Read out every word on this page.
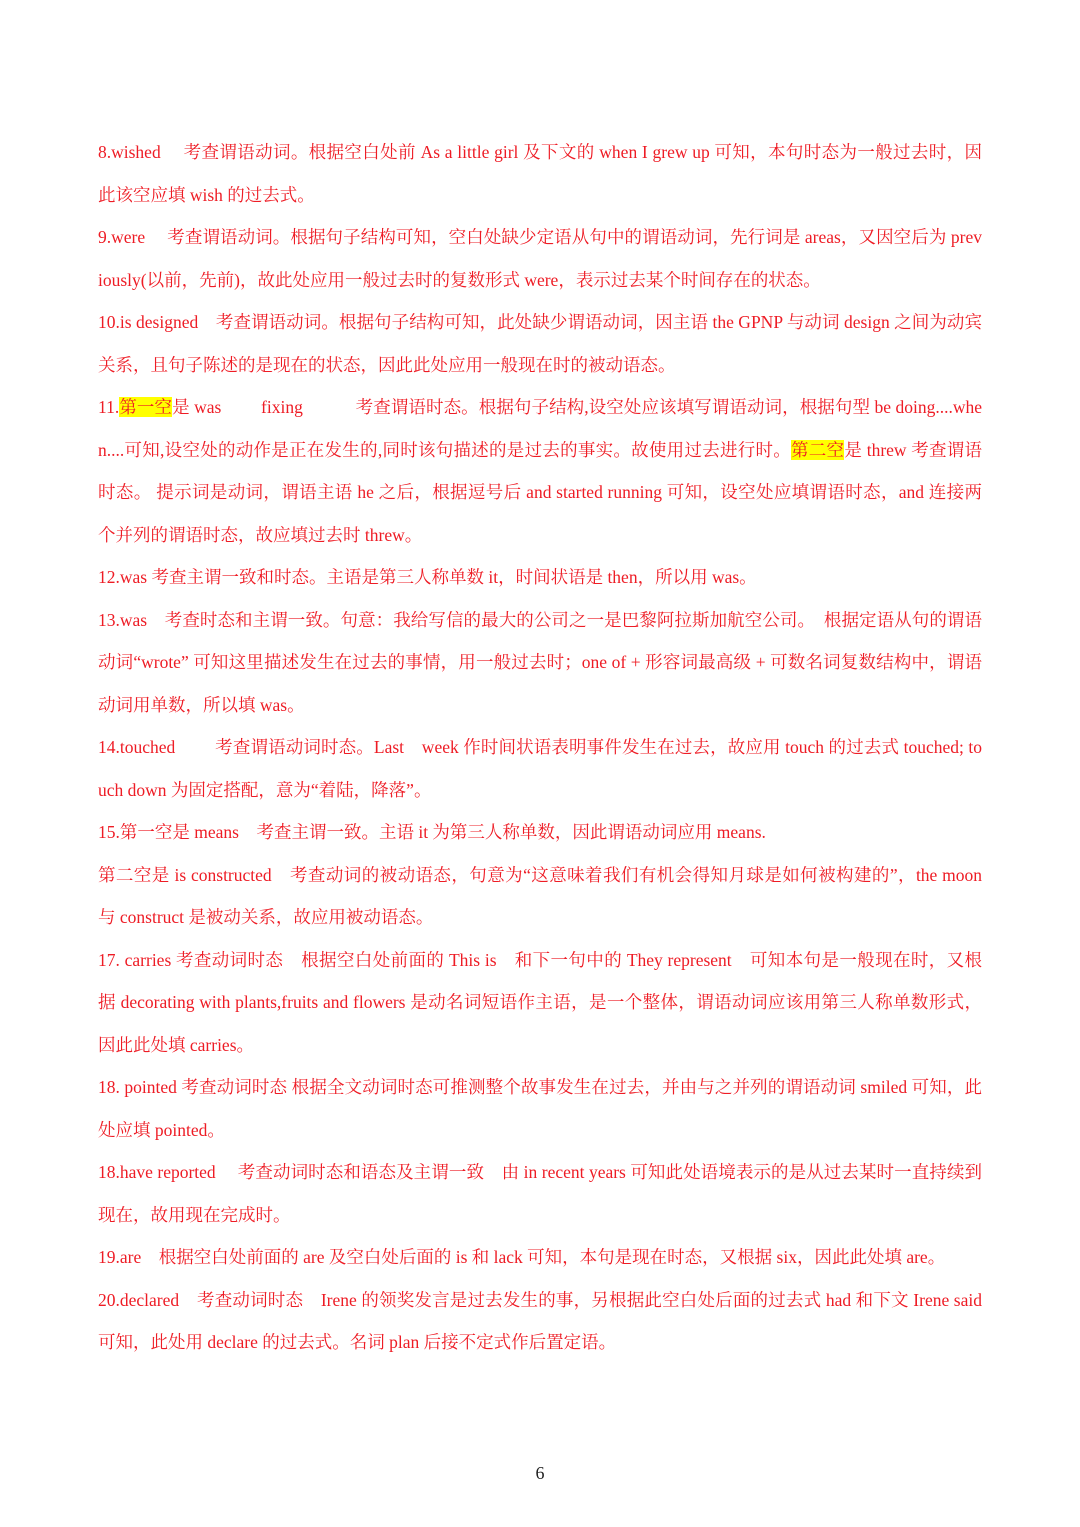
8.wished　 考查谓语动词。根据空白处前 As a little girl 及下文的 when I grew up 可知，本句时态为一般过去时，因此该空应填 wish 的过去式。

9.were　 考查谓语动词。根据句子结构可知，空白处缺少定语从句中的谓语动词，先行词是 areas，又因空后为 previously(以前，先前)，故此处应用一般过去时的复数形式 were，表示过去某个时间存在的状态。

10.is designed　考查谓语动词。根据句子结构可知，此处缺少谓语动词，因主语 the GPNP 与动词 design 之间为动宾关系，且句子陈述的是现在的状态，因此此处应用一般现在时的被动语态。

11.第一空是 was　　 fixing　　　考查谓语时态。根据句子结构,设空处应该填写谓语动词，根据句型 be doing....when....可知,设空处的动作是正在发生的,同时该句描述的是过去的事实。故使用过去进行时。第二空是 threw 考查谓语时态。 提示词是动词，谓语主语 he 之后，根据逗号后 and started running 可知，设空处应填谓语时态，and 连接两个并列的谓语时态，故应填过去时 threw。

12.was 考查主谓一致和时态。主语是第三人称单数 it，时间状语是 then，所以用 was。

13.was　考查时态和主谓一致。句意：我给写信的最大的公司之一是巴黎阿拉斯加航空公司。　根据定语从句的谓语动词“wrote” 可知这里描述发生在过去的事情，用一般过去时；one of + 形容词最高级 + 可数名词复数结构中，谓语动词用单数，所以填 was。

14.touched　　 考查谓语动词时态。Last　week 作时间状语表明事件发生在过去，故应用 touch 的过去式 touched; touch down 为固定搭配，意为“着陆，降落”。

15.第一空是 means　考查主谓一致。主语 it 为第三人称单数，因此谓语动词应用 means.

第二空是 is constructed　考查动词的被动语态，句意为“这意味着我们有机会得知月球是如何被构建的”，the moon 与 construct 是被动关系，故应用被动语态。

17. carries 考查动词时态　根据空白处前面的 This is　和下一句中的 They represent　可知本句是一般现在时，又根据 decorating with plants,fruits and flowers 是动名词短语作主语，是一个整体，谓语动词应该用第三人称单数形式，因此此处填 carries。

18. pointed 考查动词时态 根据全文动词时态可推测整个故事发生在过去，并由与之并列的谓语动词 smiled 可知，此处应填 pointed。

18.have reported　 考查动词时态和语态及主谓一致　由 in recent years 可知此处语境表示的是从过去某时一直持续到现在，故用现在完成时。

19.are　根据空白处前面的 are 及空白处后面的 is 和 lack 可知，本句是现在时态，又根据 six，因此此处填 are。

20.declared　考查动词时态　Irene 的领奖发言是过去发生的事，另根据此空白处后面的过去式 had 和下文 Irene said 可知，此处用 declare 的过去式。名词 plan 后接不定式作后置定语。

6
